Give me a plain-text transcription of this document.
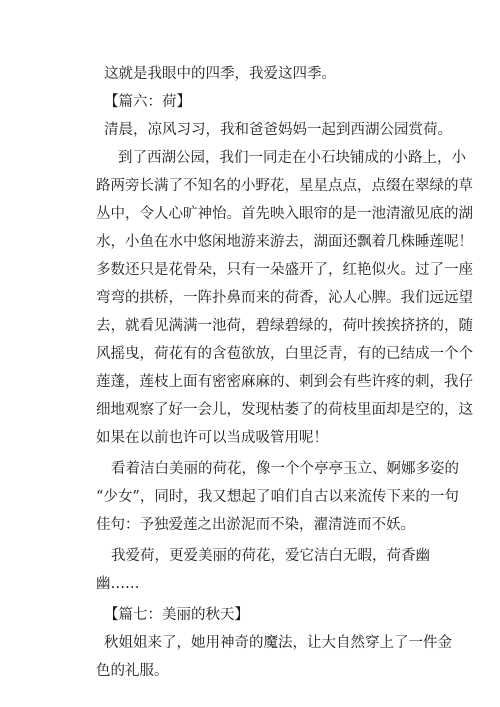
这就是我眼中的四季，我爱这四季。
【篇六：荷】
清晨，凉风习习，我和爸爸妈妈一起到西湖公园赏荷。
到了西湖公园，我们一同走在小石块铺成的小路上，小
路两旁长满了不知名的小野花，星星点点，点缀在翠绿的草
丛中，令人心旷神怡。首先映入眼帘的是一池清澈见底的湖
水，小鱼在水中悠闲地游来游去，湖面还飘着几株睡莲呢！
多数还只是花骨朵，只有一朵盛开了，红艳似火。过了一座
弯弯的拱桥，一阵扑鼻而来的荷香，沁人心脾。我们远远望
去，就看见满满一池荷，碧绿碧绿的，荷叶挨挨挤挤的，随
风摇曳，荷花有的含苞欲放，白里泛青，有的已结成一个个
莲蓬，莲枝上面有密密麻麻的、刺到会有些许疼的刺，我仔
细地观察了好一会儿，发现枯萎了的荷枝里面却是空的，这
如果在以前也许可以当成吸管用呢！
看着洁白美丽的荷花，像一个个亭亭玉立、婀娜多姿的
“少女”，同时，我又想起了咱们自古以来流传下来的一句
佳句：予独爱莲之出淤泥而不染，濯清涟而不妖。
我爱荷，更爱美丽的荷花，爱它洁白无暇，荷香幽
幽……
【篇七：美丽的秋天】
秋姐姐来了，她用神奇的魔法，让大自然穿上了一件金
色的礼服。
